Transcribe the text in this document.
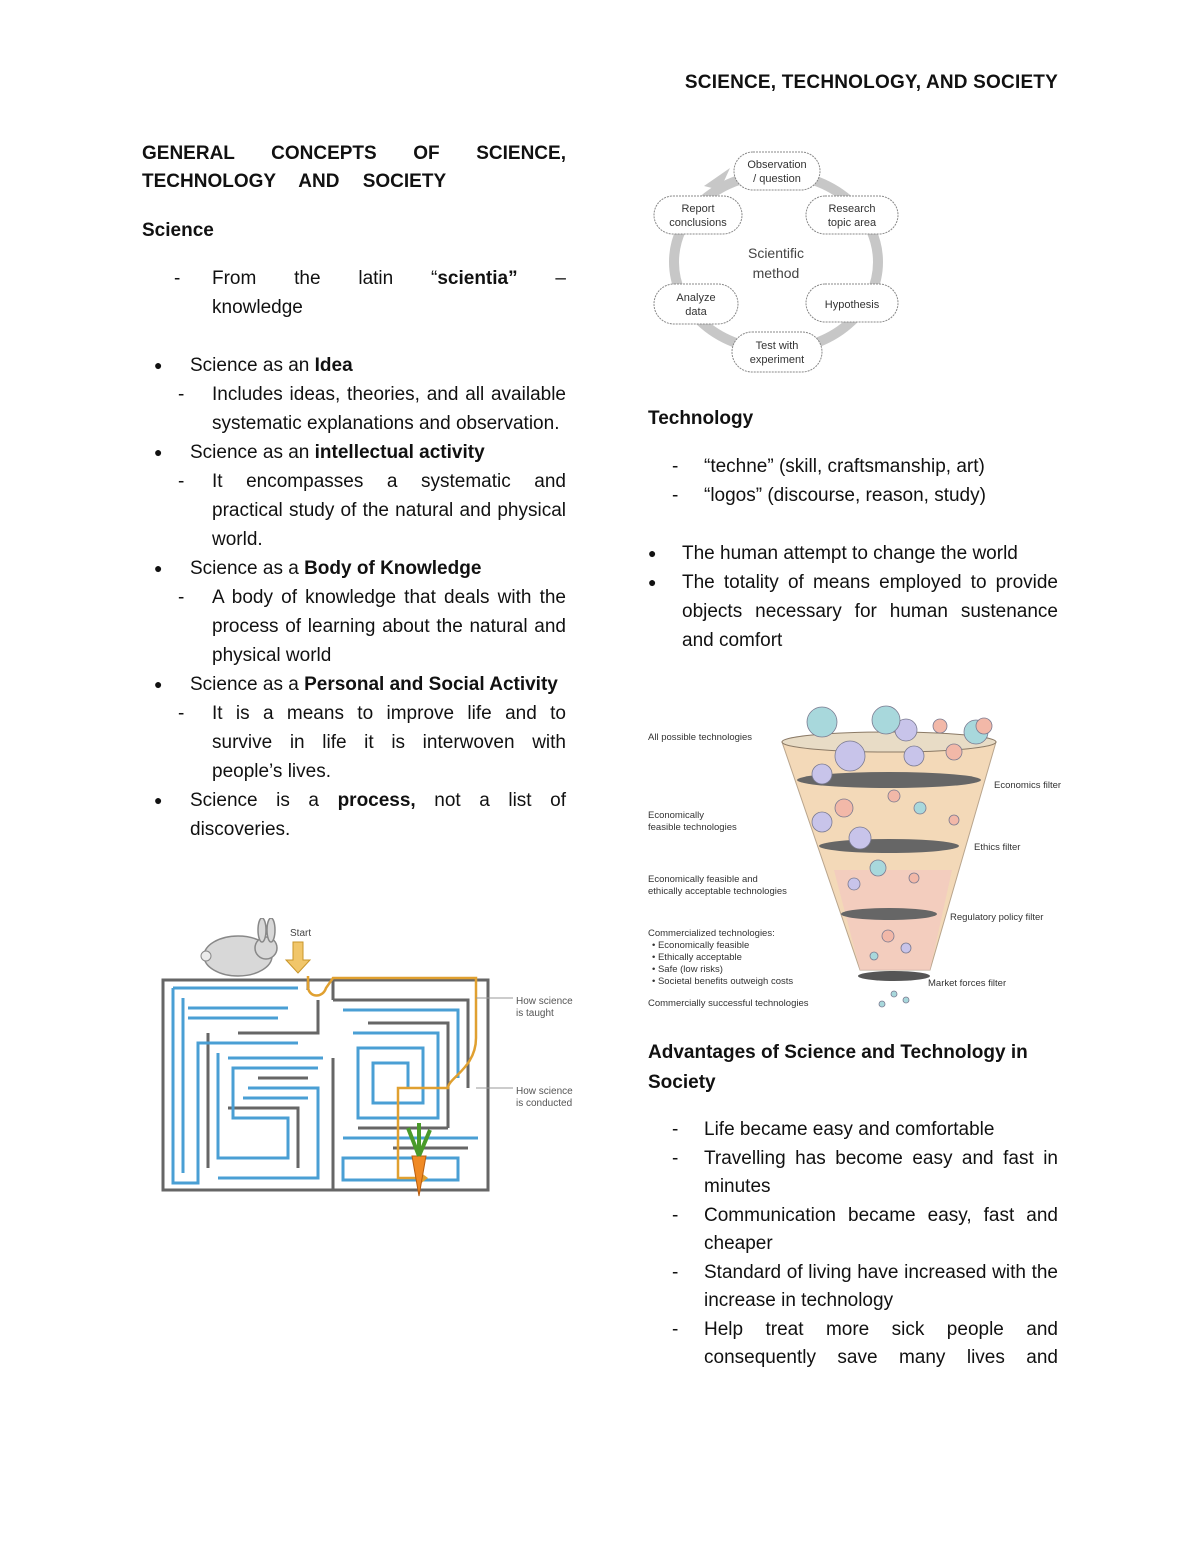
SCIENCE, TECHNOLOGY, AND SOCIETY
GENERAL CONCEPTS OF SCIENCE, TECHNOLOGY AND SOCIETY
Science
- From the latin “scientia” – knowledge
● Science as an Idea
- Includes ideas, theories, and all available systematic explanations and observation.
● Science as an intellectual activity
- It encompasses a systematic and practical study of the natural and physical world.
● Science as a Body of Knowledge
- A body of knowledge that deals with the process of learning about the natural and physical world
● Science as a Personal and Social Activity
- It is a means to improve life and to survive in life it is interwoven with people’s lives.
● Science is a process, not a list of discoveries.
Start
How science
is taught
How science
is conducted
Scientific
method
Observation
/ question
Research
topic area
Hypothesis
Test with
experiment
Analyze
data
Report
conclusions
Technology
- “techne” (skill, craftsmanship, art)
- “logos” (discourse, reason, study)
● The human attempt to change the world
● The totality of means employed to provide objects necessary for human sustenance and comfort
All possible technologies
Economically
feasible technologies
Economically feasible and
ethically acceptable technologies
Commercialized technologies:
• Economically feasible
• Ethically acceptable
• Safe (low risks)
• Societal benefits outweigh costs
Commercially successful technologies
Economics filter
Ethics filter
Regulatory policy filter
Market forces filter
Advantages of Science and Technology in Society
- Life became easy and comfortable
- Travelling has become easy and fast in minutes
- Communication became easy, fast and cheaper
- Standard of living have increased with the increase in technology
- Help treat more sick people and consequently save many lives and
